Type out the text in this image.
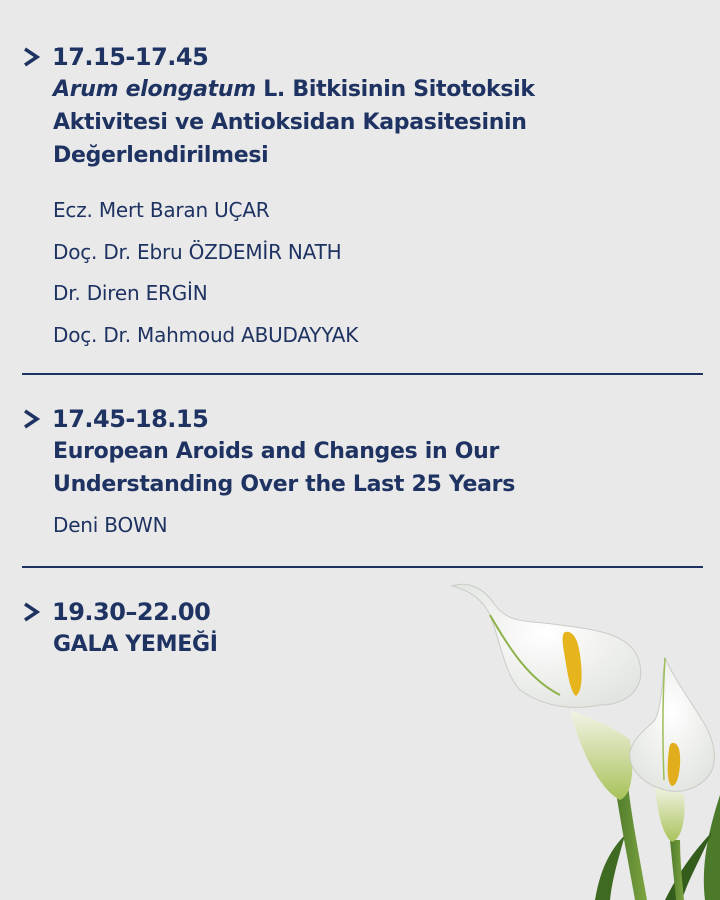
17.15-17.45
Arum elongatum L. Bitkisinin Sitotoksik
Aktivitesi ve Antioksidan Kapasitesinin
Değerlendirilmesi
Ecz. Mert Baran UÇAR
Doç. Dr. Ebru ÖZDEMİR NATH
Dr. Diren ERGİN
Doç. Dr. Mahmoud ABUDAYYAK
17.45-18.15
European Aroids and Changes in Our
Understanding Over the Last 25 Years
Deni BOWN
19.30–22.00
GALA YEMEĞİ
